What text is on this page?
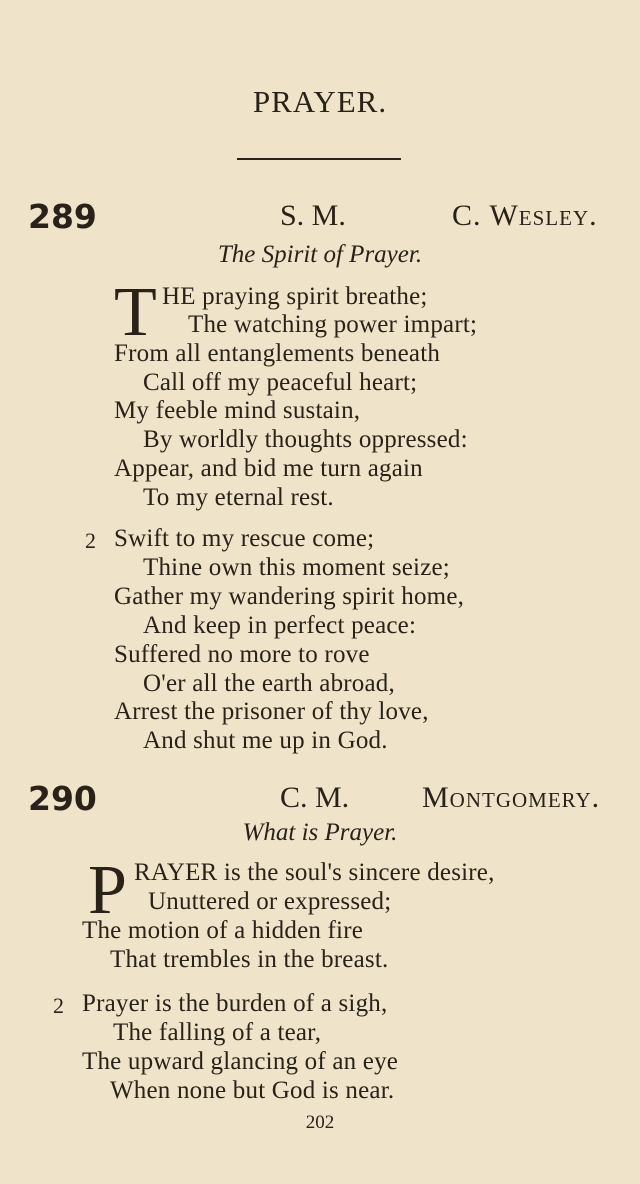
PRAYER.
289	S. M.	C. Wesley.
The Spirit of Prayer.
T HE praying spirit breathe;
The watching power impart;
From all entanglements beneath
Call off my peaceful heart;
My feeble mind sustain,
By worldly thoughts oppressed:
Appear, and bid me turn again
To my eternal rest.
2 Swift to my rescue come;
Thine own this moment seize;
Gather my wandering spirit home,
And keep in perfect peace:
Suffered no more to rove
O'er all the earth abroad,
Arrest the prisoner of thy love,
And shut me up in God.
290	C. M. Montgomery.
What is Prayer.
P RAYER is the soul's sincere desire,
Unuttered or expressed;
The motion of a hidden fire
That trembles in the breast.
2 Prayer is the burden of a sigh,
The falling of a tear,
The upward glancing of an eye
When none but God is near.
202
